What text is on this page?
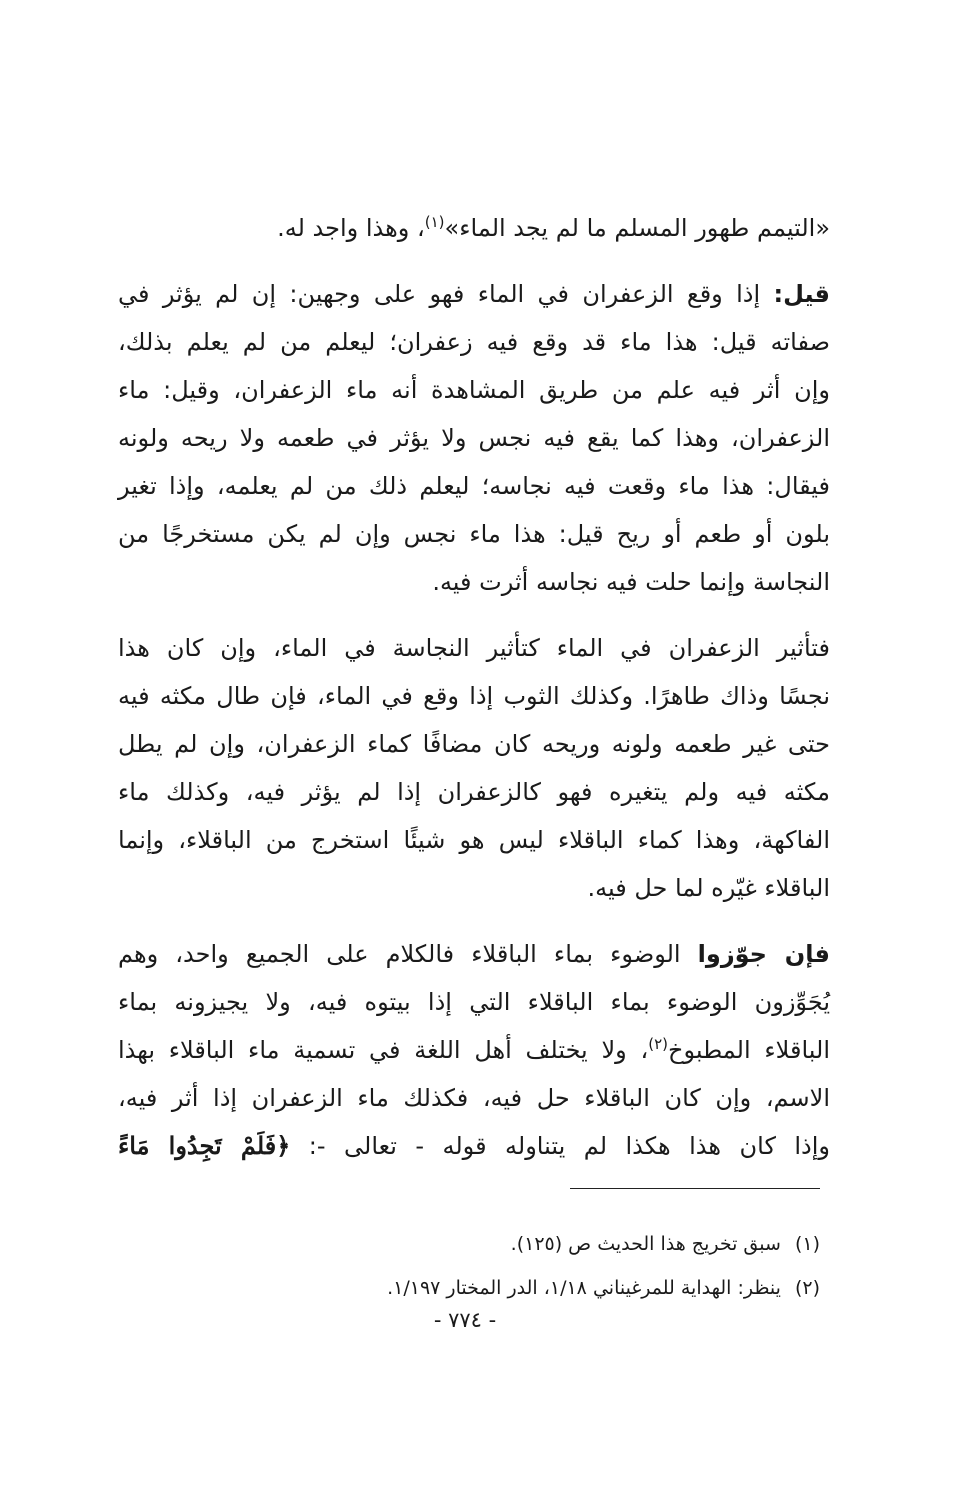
«التيمم طهور المسلم ما لم يجد الماء»$^{(١)}$، وهذا واجد له.
قيل: إذا وقع الزعفران في الماء فهو على وجهين: إن لم يؤثر في
صفاته قيل: هذا ماء قد وقع فيه زعفران؛ ليعلم من لم يعلم بذلك،
وإن أثر فيه علم من طريق المشاهدة أنه ماء الزعفران، وقيل: ماء
الزعفران، وهذا كما يقع فيه نجس ولا يؤثر في طعمه ولا ريحه ولونه
فيقال: هذا ماء وقعت فيه نجاسه؛ ليعلم ذلك من لم يعلمه، وإذا تغير
بلون أو طعم أو ريح قيل: هذا ماء نجس وإن لم يكن مستخرجًا من
النجاسة وإنما حلت فيه نجاسه أثرت فيه.
فتأثير الزعفران في الماء كتأثير النجاسة في الماء، وإن كان هذا
نجسًا وذاك طاهرًا. وكذلك الثوب إذا وقع في الماء، فإن طال مكثه فيه
حتى غير طعمه ولونه وريحه كان مضافًا كماء الزعفران، وإن لم يطل
مكثه فيه ولم يتغيره فهو كالزعفران إذا لم يؤثر فيه، وكذلك ماء
الفاكهة، وهذا كماء الباقلاء ليس هو شيئًا استخرج من الباقلاء، وإنما
الباقلاء غيّره لما حل فيه.
فإن جوّزوا الوضوء بماء الباقلاء فالكلام على الجميع واحد، وهم
يُجَوِّزون الوضوء بماء الباقلاء التي إذا بيتوه فيه، ولا يجيزونه بماء
الباقلاء المطبوخ$^{(٢)}$، ولا يختلف أهل اللغة في تسمية ماء الباقلاء بهذا
الاسم، وإن كان الباقلاء حل فيه، فكذلك ماء الزعفران إذا أثر فيه،
وإذا كان هذا هكذا لم يتناوله قوله - تعالى -: ﴿فَلَمْ تَجِدُوا مَاءً
(١)سبق تخريج هذا الحديث ص (١٢٥).
(٢)ينظر: الهداية للمرغيناني ١/١٨، الدر المختار ١/١٩٧.
- ٧٧٤ -
